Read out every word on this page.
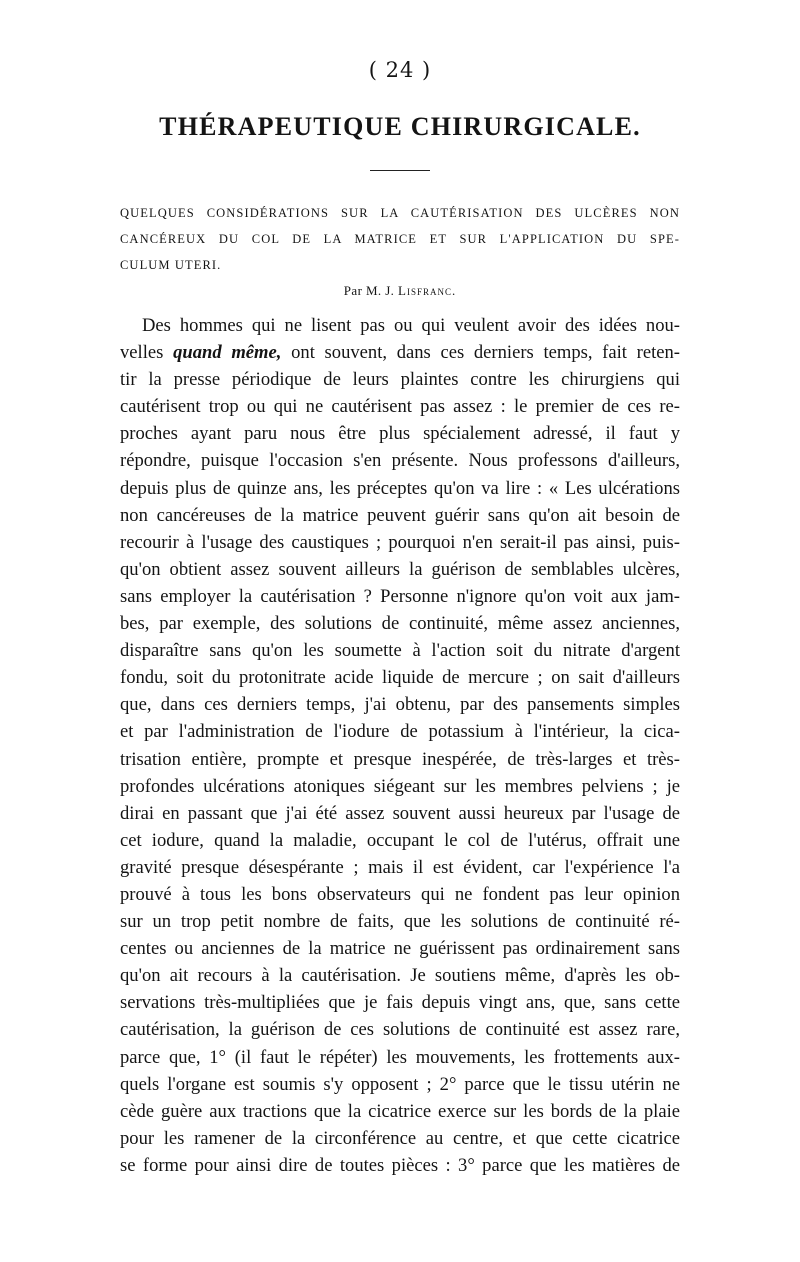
( 24 )
THÉRAPEUTIQUE CHIRURGICALE.
QUELQUES CONSIDÉRATIONS SUR LA CAUTÉRISATION DES ULCÈRES NON
CANCÉREUX DU COL DE LA MATRICE ET SUR L'APPLICATION DU SPE-
CULUM UTERI.
Par M. J. Lisfranc.
Des hommes qui ne lisent pas ou qui veulent avoir des idées nou-
velles quand même, ont souvent, dans ces derniers temps, fait reten-
tir la presse périodique de leurs plaintes contre les chirurgiens qui
cautérisent trop ou qui ne cautérisent pas assez : le premier de ces re-
proches ayant paru nous être plus spécialement adressé, il faut y
répondre, puisque l'occasion s'en présente. Nous professons d'ailleurs,
depuis plus de quinze ans, les préceptes qu'on va lire : « Les ulcérations
non cancéreuses de la matrice peuvent guérir sans qu'on ait besoin de
recourir à l'usage des caustiques ; pourquoi n'en serait-il pas ainsi, puis-
qu'on obtient assez souvent ailleurs la guérison de semblables ulcères,
sans employer la cautérisation ? Personne n'ignore qu'on voit aux jam-
bes, par exemple, des solutions de continuité, même assez anciennes,
disparaître sans qu'on les soumette à l'action soit du nitrate d'argent
fondu, soit du protonitrate acide liquide de mercure ; on sait d'ailleurs
que, dans ces derniers temps, j'ai obtenu, par des pansements simples
et par l'administration de l'iodure de potassium à l'intérieur, la cica-
trisation entière, prompte et presque inespérée, de très-larges et très-
profondes ulcérations atoniques siégeant sur les membres pelviens ; je
dirai en passant que j'ai été assez souvent aussi heureux par l'usage de
cet iodure, quand la maladie, occupant le col de l'utérus, offrait une
gravité presque désespérante ; mais il est évident, car l'expérience l'a
prouvé à tous les bons observateurs qui ne fondent pas leur opinion
sur un trop petit nombre de faits, que les solutions de continuité ré-
centes ou anciennes de la matrice ne guérissent pas ordinairement sans
qu'on ait recours à la cautérisation. Je soutiens même, d'après les ob-
servations très-multipliées que je fais depuis vingt ans, que, sans cette
cautérisation, la guérison de ces solutions de continuité est assez rare,
parce que, 1° (il faut le répéter) les mouvements, les frottements aux-
quels l'organe est soumis s'y opposent ; 2° parce que le tissu utérin ne
cède guère aux tractions que la cicatrice exerce sur les bords de la plaie
pour les ramener de la circonférence au centre, et que cette cicatrice
se forme pour ainsi dire de toutes pièces : 3° parce que les matières de
